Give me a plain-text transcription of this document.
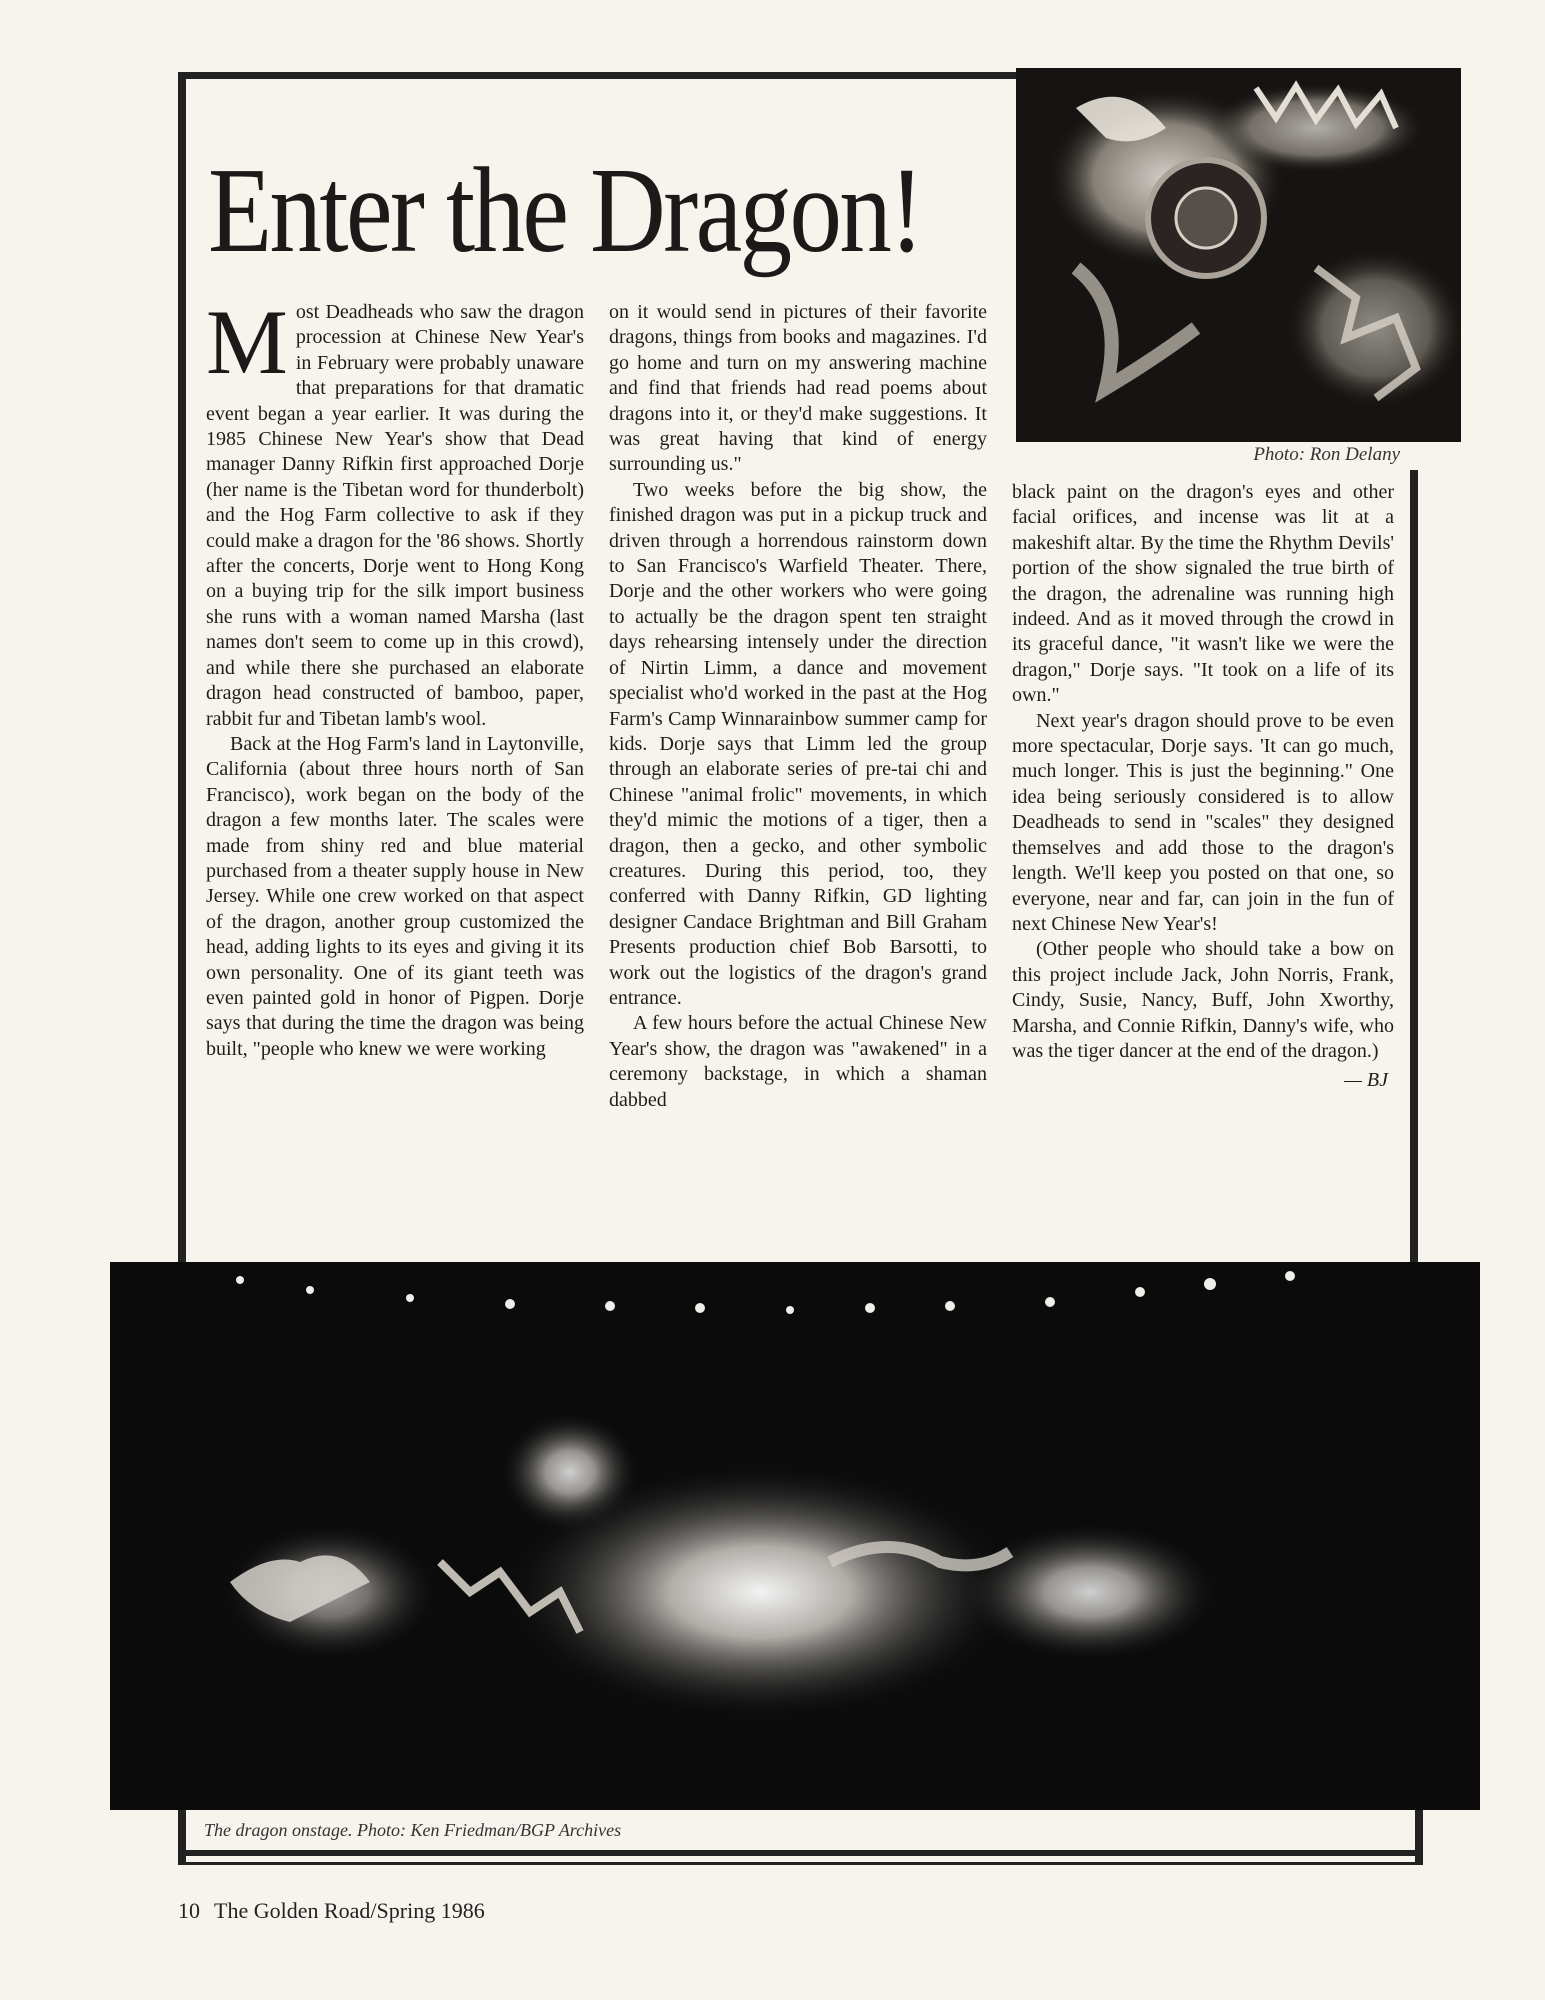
Photo: Ron Delany
Enter the Dragon!

Most Deadheads who saw the dragon procession at Chinese New Year's in February were probably unaware that preparations for that dramatic event began a year earlier. It was during the 1985 Chinese New Year's show that Dead manager Danny Rifkin first approached Dorje (her name is the Tibetan word for thunderbolt) and the Hog Farm collective to ask if they could make a dragon for the '86 shows. Shortly after the concerts, Dorje went to Hong Kong on a buying trip for the silk import business she runs with a woman named Marsha (last names don't seem to come up in this crowd), and while there she purchased an elaborate dragon head constructed of bamboo, paper, rabbit fur and Tibetan lamb's wool.

Back at the Hog Farm's land in Laytonville, California (about three hours north of San Francisco), work began on the body of the dragon a few months later. The scales were made from shiny red and blue material purchased from a theater supply house in New Jersey. While one crew worked on that aspect of the dragon, another group customized the head, adding lights to its eyes and giving it its own personality. One of its giant teeth was even painted gold in honor of Pigpen. Dorje says that during the time the dragon was being built, "people who knew we were working

on it would send in pictures of their favorite dragons, things from books and magazines. I'd go home and turn on my answering machine and find that friends had read poems about dragons into it, or they'd make suggestions. It was great having that kind of energy surrounding us."

Two weeks before the big show, the finished dragon was put in a pickup truck and driven through a horrendous rainstorm down to San Francisco's Warfield Theater. There, Dorje and the other workers who were going to actually be the dragon spent ten straight days rehearsing intensely under the direction of Nirtin Limm, a dance and movement specialist who'd worked in the past at the Hog Farm's Camp Winnarainbow summer camp for kids. Dorje says that Limm led the group through an elaborate series of pre-tai chi and Chinese "animal frolic" movements, in which they'd mimic the motions of a tiger, then a dragon, then a gecko, and other symbolic creatures. During this period, too, they conferred with Danny Rifkin, GD lighting designer Candace Brightman and Bill Graham Presents production chief Bob Barsotti, to work out the logistics of the dragon's grand entrance.

A few hours before the actual Chinese New Year's show, the dragon was "awakened" in a ceremony backstage, in which a shaman dabbed

black paint on the dragon's eyes and other facial orifices, and incense was lit at a makeshift altar. By the time the Rhythm Devils' portion of the show signaled the true birth of the dragon, the adrenaline was running high indeed. And as it moved through the crowd in its graceful dance, "it wasn't like we were the dragon," Dorje says. "It took on a life of its own."

Next year's dragon should prove to be even more spectacular, Dorje says. 'It can go much, much longer. This is just the beginning." One idea being seriously considered is to allow Deadheads to send in "scales" they designed themselves and add those to the dragon's length. We'll keep you posted on that one, so everyone, near and far, can join in the fun of next Chinese New Year's!

(Other people who should take a bow on this project include Jack, John Norris, Frank, Cindy, Susie, Nancy, Buff, John Xworthy, Marsha, and Connie Rifkin, Danny's wife, who was the tiger dancer at the end of the dragon.)

— BJ
The dragon onstage. Photo: Ken Friedman/BGP Archives
10 The Golden Road/Spring 1986
